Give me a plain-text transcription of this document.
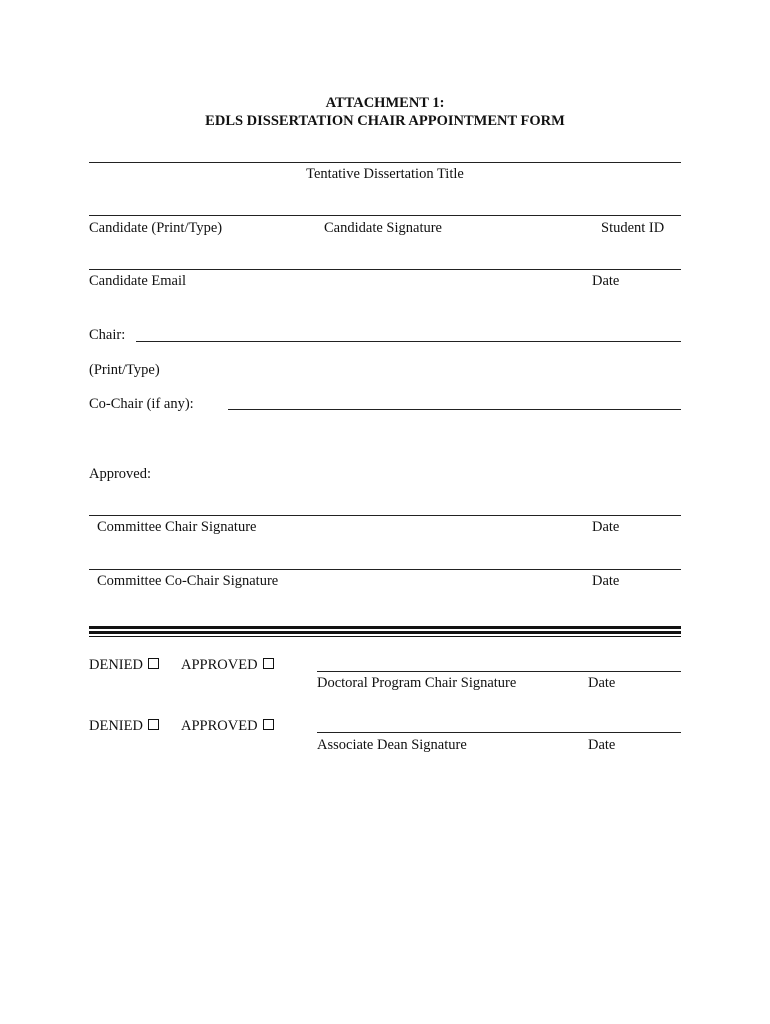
ATTACHMENT 1:
EDLS DISSERTATION CHAIR APPOINTMENT FORM
Tentative Dissertation Title
Candidate (Print/Type)	Candidate Signature	Student ID
Candidate Email	Date
Chair:
(Print/Type)
Co-Chair (if any):
Approved:
Committee Chair Signature	Date
Committee Co-Chair Signature	Date
DENIED	APPROVED
Doctoral Program Chair Signature	Date
DENIED	APPROVED
Associate Dean Signature	Date
